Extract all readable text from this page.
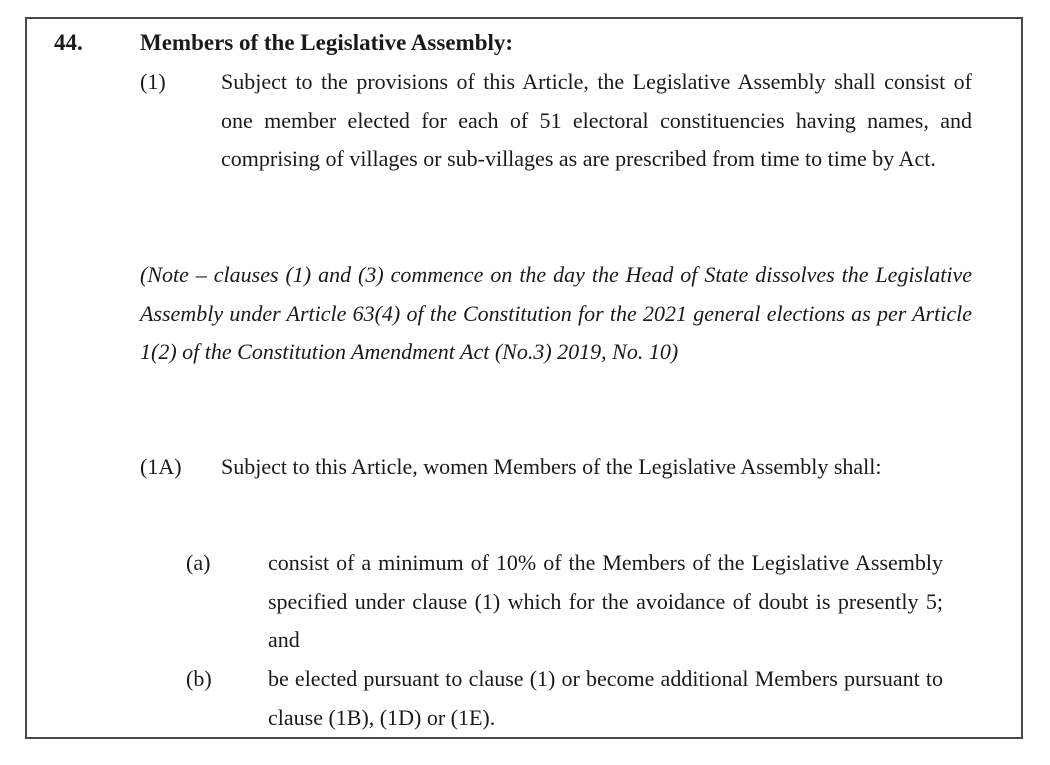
44. Members of the Legislative Assembly:
(1)	Subject to the provisions of this Article, the Legislative Assembly shall consist of one member elected for each of 51 electoral constituencies having names, and comprising of villages or sub-villages as are prescribed from time to time by Act.
(Note – clauses (1) and (3) commence on the day the Head of State dissolves the Legislative Assembly under Article 63(4) of the Constitution for the 2021 general elections as per Article 1(2) of the Constitution Amendment Act (No.3) 2019, No. 10)
(1A) Subject to this Article, women Members of the Legislative Assembly shall:
(a)	consist of a minimum of 10% of the Members of the Legislative Assembly specified under clause (1) which for the avoidance of doubt is presently 5; and
(b)	be elected pursuant to clause (1) or become additional Members pursuant to clause (1B), (1D) or (1E).
